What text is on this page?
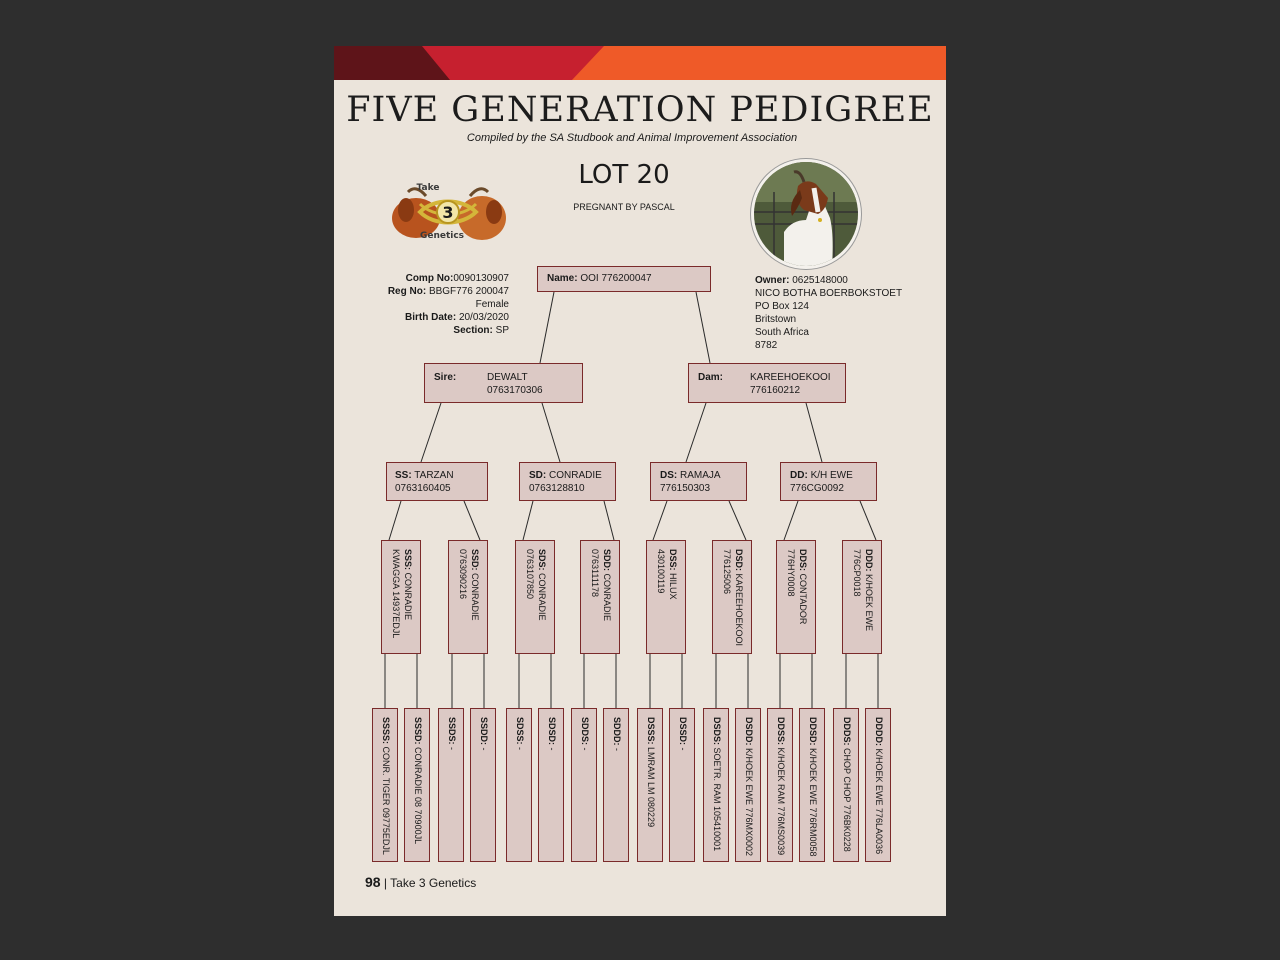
FIVE GENERATION PEDIGREE
Compiled by the SA Studbook and Animal Improvement Association
LOT 20
PREGNANT BY PASCAL
3
Take
Genetics
Comp No:0090130907
Reg No: BBGF776 200047
Female
Birth Date: 20/03/2020
Section: SP
Owner: 0625148000
NICO BOTHA BOERBOKSTOET
PO Box 124
Britstown
South Africa
8782
Name: OOI 776200047
Sire:	DEWALT
0763170306
Dam:	KAREEHOEKOOI
776160212
SS: TARZAN
0763160405
SD: CONRADIE
0763128810
DS: RAMAJA
776150303
DD: K/H EWE
776CG0092
SSS: CONRADIE
KWAGGA 14937EDJL	SSD: CONRADIE
0763090216	SDS: CONRADIE
0763107850	SDD: CONRADIE
0763111178	DSS: HILUX
430100119	DSD: KAREEHOEKOOI
776125006	DDS: CONTADOR
776HY0008	DDD: K/HOEK EWE
776CP0018
SSSS: CONR. TIGER 09775EDJL
SSSD: CONRADIE 08 70900JL
SSDS: -
SSDD: -
SDSS: -
SDSD: -
SDDS: -
SDDD: -
DSSS: LMRAM LM 080229
DSSD: -
DSDS: SOETR. RAM 105410001
DSDD: K/HOEK EWE 776MX0002
DDSS: K/HOEK RAM 776MS0039
DDSD: K/HOEK EWE 776RM0058
DDDS: CHOP CHOP 776BK0228
DDDD: K/HOEK EWE 776LA0036
98 | Take 3 Genetics
